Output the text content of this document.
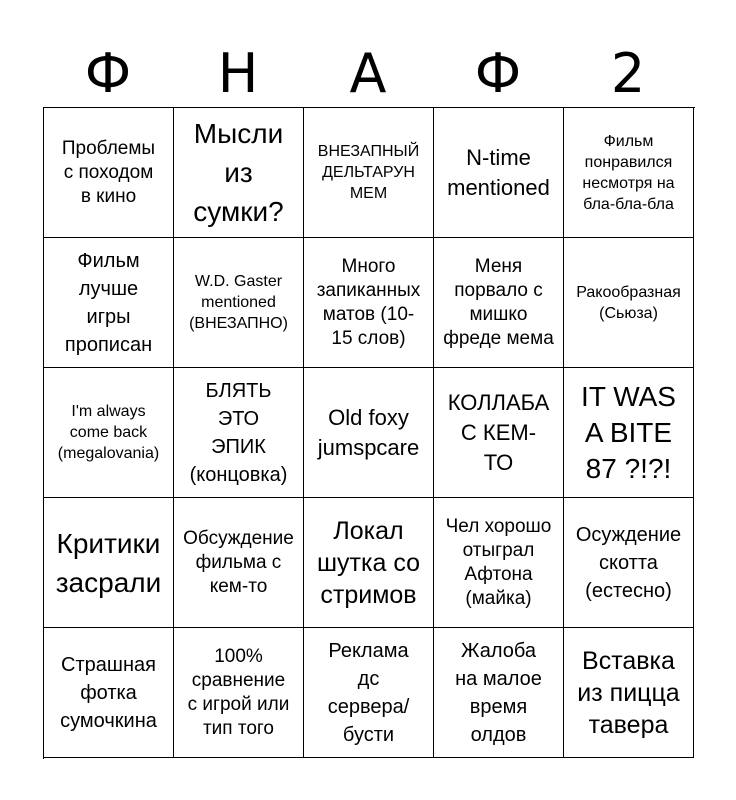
Ф	Н	А	Ф	2
Проблемы
с походом
в кино
Мысли
из
сумки?
ВНЕЗАПНЫЙ
ДЕЛЬТАРУН
МЕМ
N-time
mentioned
Фильм
понравился
несмотря на
бла-бла-бла
Фильм
лучше
игры
прописан
W.D. Gaster
mentioned
(ВНЕЗАПНО)
Много
запиканных
матов (10-
15 слов)
Меня
порвало с
мишко
фреде мема
Ракообразная
(Сьюза)
I'm always
come back
(megalovania)
БЛЯТЬ
ЭТО
ЭПИК
(концовка)
Old foxy
jumspcare
КОЛЛАБА
С КЕМ-
ТО
IT WAS
A BITE
87 ?!?!
Критики
засрали
Обсуждение
фильма с
кем-то
Локал
шутка со
стримов
Чел хорошо
отыграл
Афтона
(майка)
Осуждение
скотта
(естесно)
Страшная
фотка
сумочкина
100%
сравнение
с игрой или
тип того
Реклама
дс
сервера/
бусти
Жалоба
на малое
время
олдов
Вставка
из пицца
тавера
